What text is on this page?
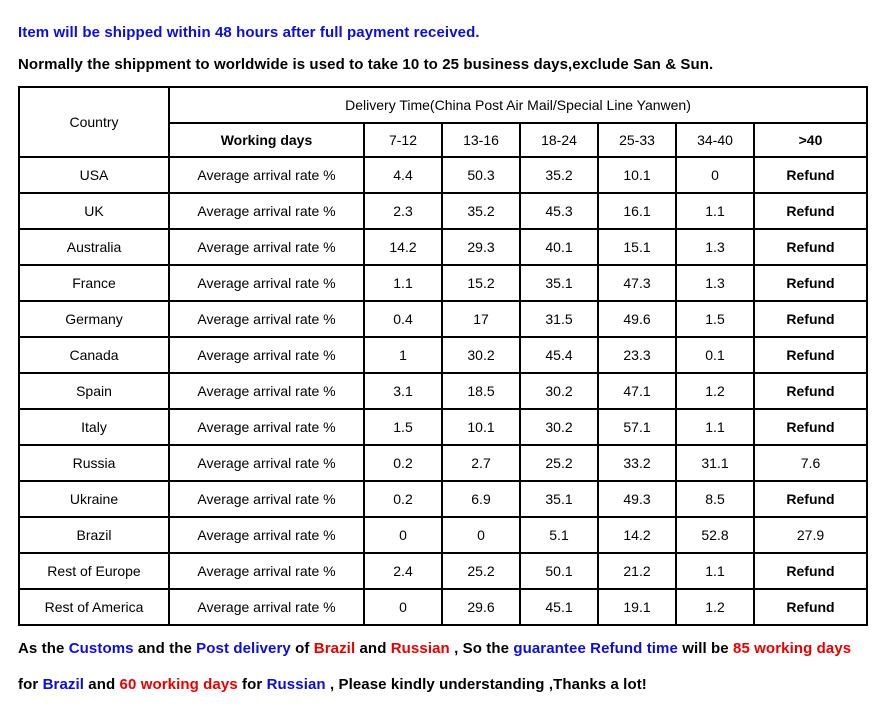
Item will be shipped within 48 hours after full payment received.

Normally the shippment to worldwide is used to take 10 to 25 business days,exclude San & Sun.

Country	Delivery Time(China Post Air Mail/Special Line Yanwen)						
	Working days	7-12	13-16	18-24	25-33	34-40	>40
USA	Average arrival rate %	4.4	50.3	35.2	10.1	0	Refund
UK	Average arrival rate %	2.3	35.2	45.3	16.1	1.1	Refund
Australia	Average arrival rate %	14.2	29.3	40.1	15.1	1.3	Refund
France	Average arrival rate %	1.1	15.2	35.1	47.3	1.3	Refund
Germany	Average arrival rate %	0.4	17	31.5	49.6	1.5	Refund
Canada	Average arrival rate %	1	30.2	45.4	23.3	0.1	Refund
Spain	Average arrival rate %	3.1	18.5	30.2	47.1	1.2	Refund
Italy	Average arrival rate %	1.5	10.1	30.2	57.1	1.1	Refund
Russia	Average arrival rate %	0.2	2.7	25.2	33.2	31.1	7.6
Ukraine	Average arrival rate %	0.2	6.9	35.1	49.3	8.5	Refund
Brazil	Average arrival rate %	0	0	5.1	14.2	52.8	27.9
Rest of Europe	Average arrival rate %	2.4	25.2	50.1	21.2	1.1	Refund
Rest of America	Average arrival rate %	0	29.6	45.1	19.1	1.2	Refund

As the Customs and the Post delivery of Brazil and Russian , So the guarantee Refund time will be 85 working days

for Brazil and 60 working days for Russian , Please kindly understanding ,Thanks a lot!
